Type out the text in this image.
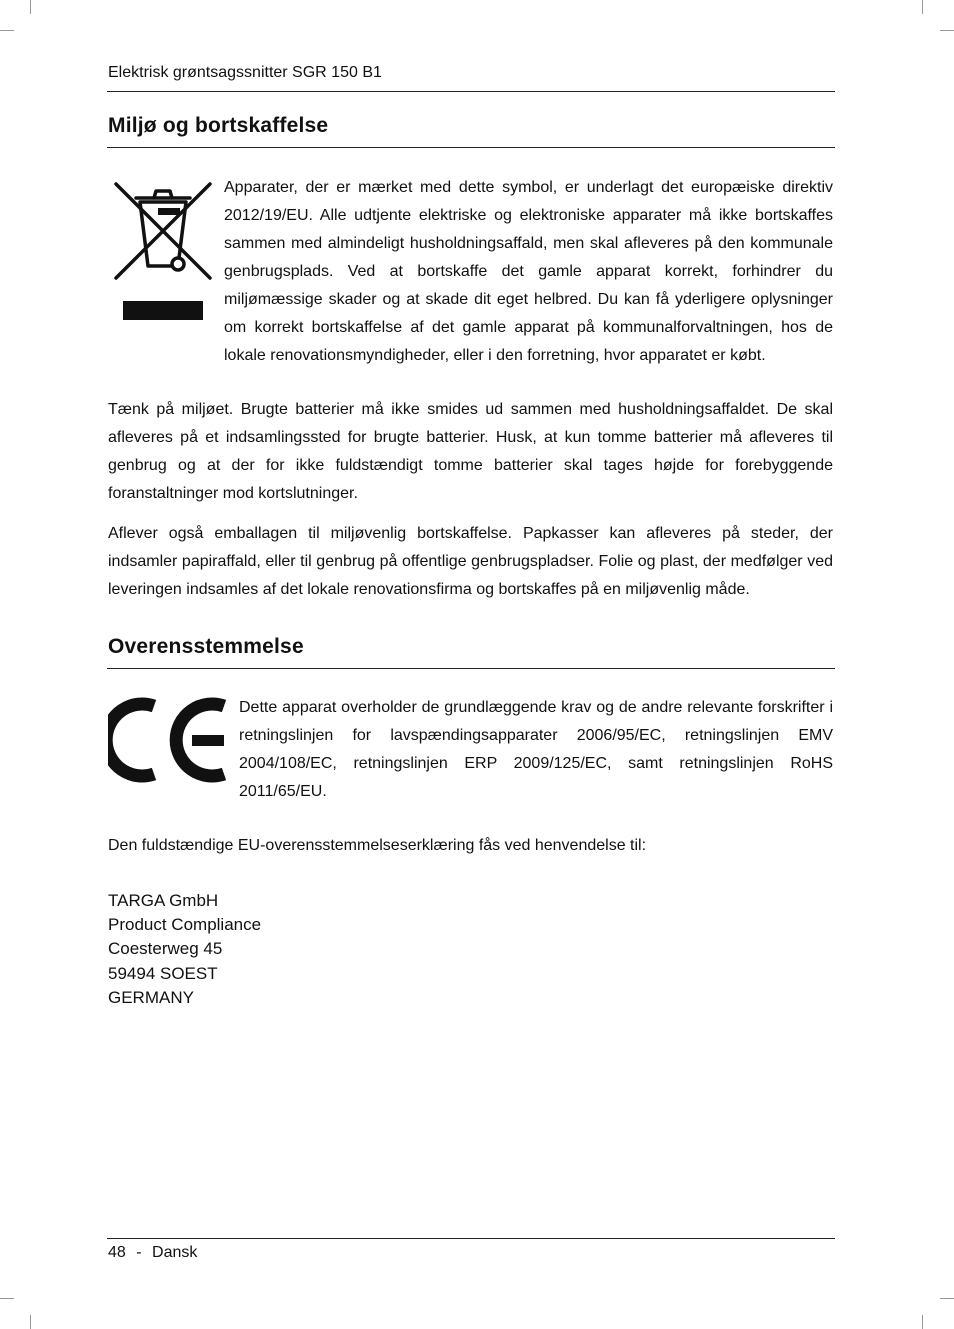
Elektrisk grøntsagssnitter SGR 150 B1
Miljø og bortskaffelse

Apparater, der er mærket med dette symbol, er underlagt det europæiske direktiv 2012/19/EU. Alle udtjente elektriske og elektroniske apparater må ikke bortskaffes sammen med almindeligt husholdningsaffald, men skal afleveres på den kommunale genbrugsplads. Ved at bortskaffe det gamle apparat korrekt, forhindrer du miljømæssige skader og at skade dit eget helbred. Du kan få yderligere oplysninger om korrekt bortskaffelse af det gamle apparat på kommunalforvaltningen, hos de lokale renovationsmyndigheder, eller i den forretning, hvor apparatet er købt.

Tænk på miljøet. Brugte batterier må ikke smides ud sammen med husholdningsaffaldet. De skal afleveres på et indsamlingssted for brugte batterier. Husk, at kun tomme batterier må afleveres til genbrug og at der for ikke fuldstændigt tomme batterier skal tages højde for forebyggende foranstaltninger mod kortslutninger.

Aflever også emballagen til miljøvenlig bortskaffelse. Papkasser kan afleveres på steder, der indsamler papiraffald, eller til genbrug på offentlige genbrugspladser. Folie og plast, der medfølger ved leveringen indsamles af det lokale renovationsfirma og bortskaffes på en miljøvenlig måde.

Overensstemmelse

Dette apparat overholder de grundlæggende krav og de andre relevante forskrifter i retningslinjen for lavspændingsapparater 2006/95/EC, retningslinjen EMV 2004/108/EC, retningslinjen ERP 2009/125/EC, samt retningslinjen RoHS 2011/65/EU.

Den fuldstændige EU-overensstemmelseserklæring fås ved henvendelse til:

TARGA GmbH
Product Compliance
Coesterweg 45
59494 SOEST
GERMANY
48 - Dansk
